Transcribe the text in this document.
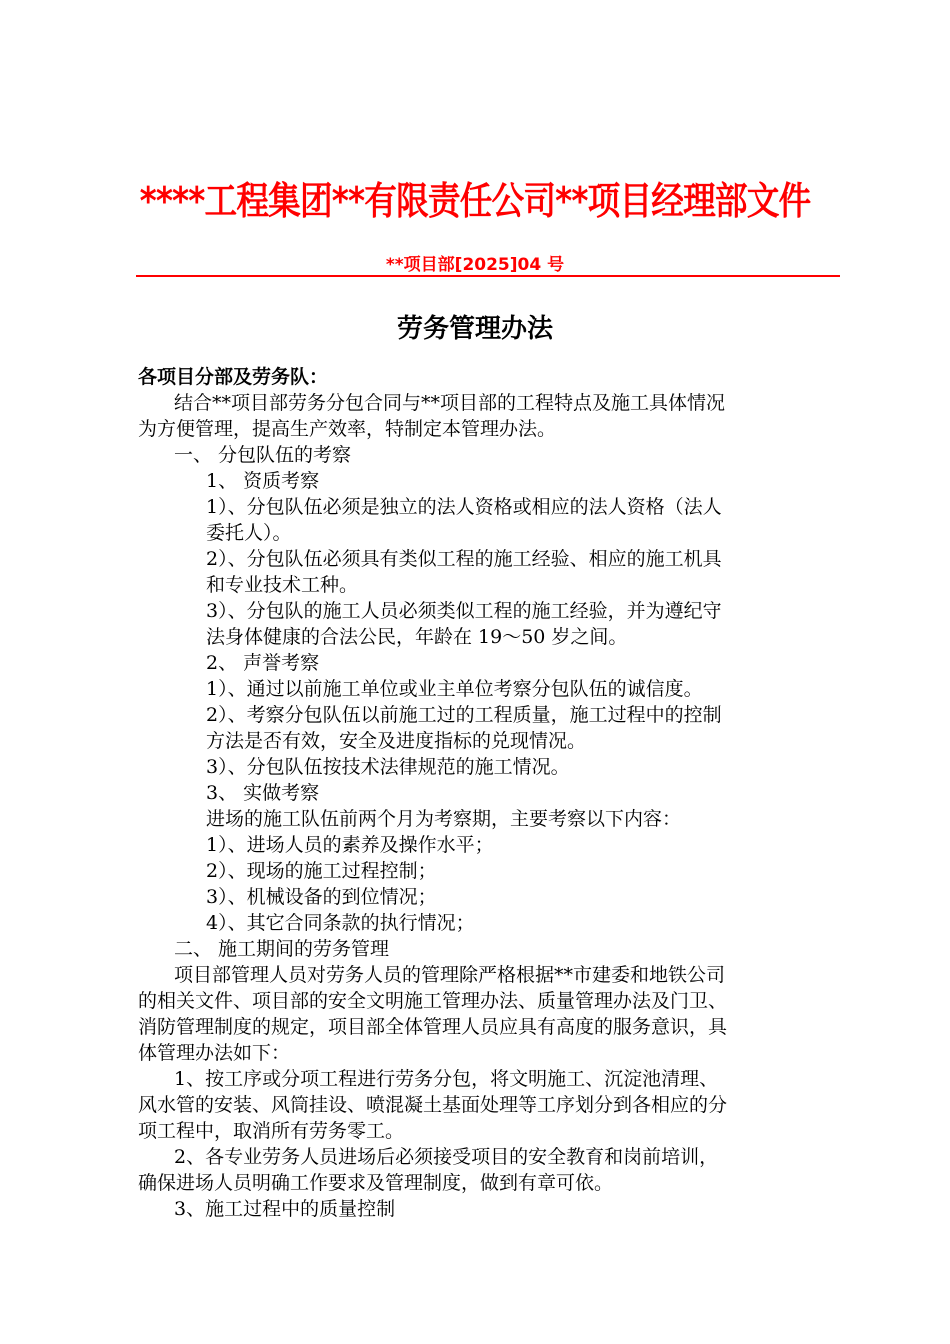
****工程集团**有限责任公司**项目经理部文件
**项目部[2025]04 号
劳务管理办法
各项目分部及劳务队：
结合**项目部劳务分包合同与**项目部的工程特点及施工具体情况
为方便管理，提高生产效率，特制定本管理办法。
一、 分包队伍的考察
1、 资质考察
1）、分包队伍必须是独立的法人资格或相应的法人资格（法人
委托人）。
2）、分包队伍必须具有类似工程的施工经验、相应的施工机具
和专业技术工种。
3）、分包队的施工人员必须类似工程的施工经验，并为遵纪守
法身体健康的合法公民，年龄在 19～50 岁之间。
2、 声誉考察
1）、通过以前施工单位或业主单位考察分包队伍的诚信度。
2）、考察分包队伍以前施工过的工程质量，施工过程中的控制
方法是否有效，安全及进度指标的兑现情况。
3）、分包队伍按技术法律规范的施工情况。
3、 实做考察
进场的施工队伍前两个月为考察期，主要考察以下内容：
1）、进场人员的素养及操作水平；
2）、现场的施工过程控制；
3）、机械设备的到位情况；
4）、其它合同条款的执行情况；
二、 施工期间的劳务管理
项目部管理人员对劳务人员的管理除严格根据**市建委和地铁公司
的相关文件、项目部的安全文明施工管理办法、质量管理办法及门卫、
消防管理制度的规定，项目部全体管理人员应具有高度的服务意识，具
体管理办法如下：
1、按工序或分项工程进行劳务分包，将文明施工、沉淀池清理、
风水管的安装、风筒挂设、喷混凝土基面处理等工序划分到各相应的分
项工程中，取消所有劳务零工。
2、各专业劳务人员进场后必须接受项目的安全教育和岗前培训，
确保进场人员明确工作要求及管理制度，做到有章可依。
3、施工过程中的质量控制
